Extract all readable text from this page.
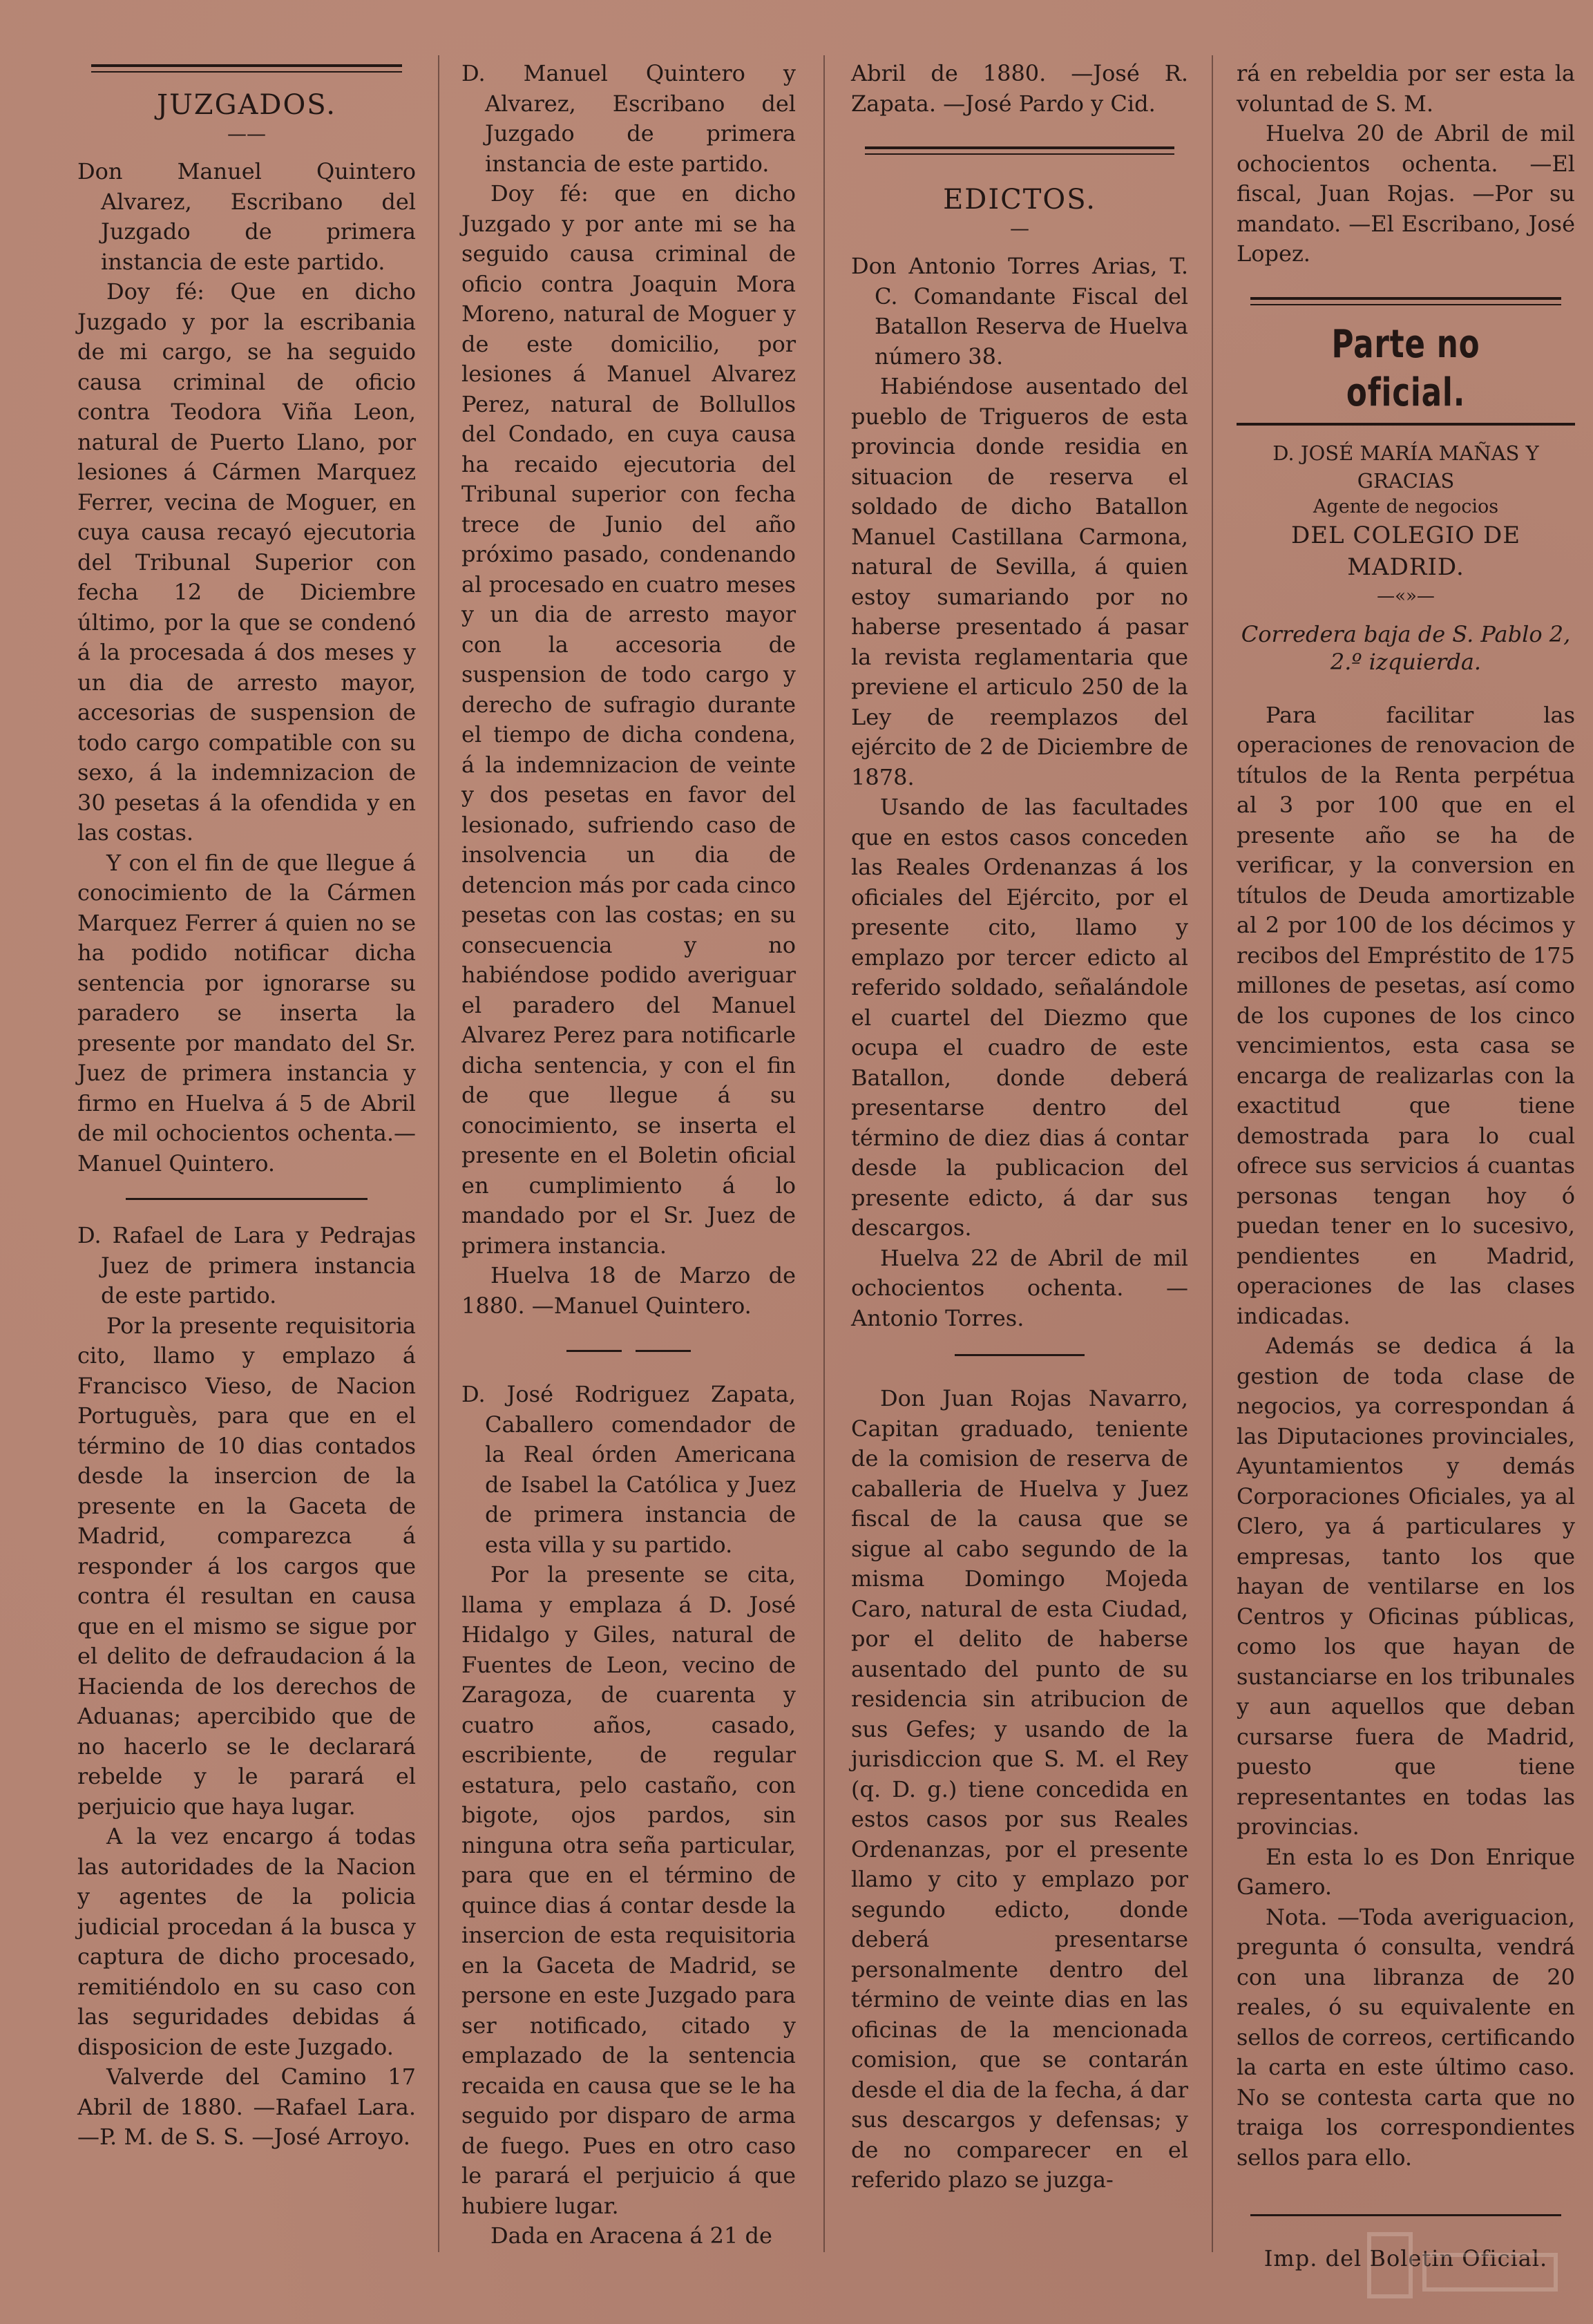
JUZGADOS.
——

Don Manuel Quintero Alvarez, Escribano del Juzgado de primera instancia de este partido.

Doy fé: Que en dicho Juzgado y por la escribania de mi cargo, se ha seguido causa criminal de oficio contra Teodora Viña Leon, natural de Puerto Llano, por lesiones á Cármen Marquez Ferrer, vecina de Moguer, en cuya causa recayó ejecutoria del Tribunal Superior con fecha 12 de Diciembre último, por la que se condenó á la procesada á dos meses y un dia de arresto mayor, accesorias de suspension de todo cargo compatible con su sexo, á la indemnizacion de 30 pesetas á la ofendida y en las costas.

Y con el fin de que llegue á conocimiento de la Cármen Marquez Ferrer á quien no se ha podido notificar dicha sentencia por ignorarse su paradero se inserta la presente por mandato del Sr. Juez de primera instancia y firmo en Huelva á 5 de Abril de mil ochocientos ochenta.—Manuel Quintero.

D. Rafael de Lara y Pedrajas Juez de primera instancia de este partido.

Por la presente requisitoria cito, llamo y emplazo á Francisco Vieso, de Nacion Portuguès, para que en el término de 10 dias contados desde la insercion de la presente en la Gaceta de Madrid, comparezca á responder á los cargos que contra él resultan en causa que en el mismo se sigue por el delito de defraudacion á la Hacienda de los derechos de Aduanas; apercibido que de no hacerlo se le declarará rebelde y le parará el perjuicio que haya lugar.

A la vez encargo á todas las autoridades de la Nacion y agentes de la policia judicial procedan á la busca y captura de dicho procesado, remitiéndolo en su caso con las seguridades debidas á disposicion de este Juzgado.

Valverde del Camino 17 Abril de 1880. —Rafael Lara. —P. M. de S. S. —José Arroyo.

D. Manuel Quintero y Alvarez, Escribano del Juzgado de primera instancia de este partido.

Doy fé: que en dicho Juzgado y por ante mi se ha seguido causa criminal de oficio contra Joaquin Mora Moreno, natural de Moguer y de este domicilio, por lesiones á Manuel Alvarez Perez, natural de Bollullos del Condado, en cuya causa ha recaido ejecutoria del Tribunal superior con fecha trece de Junio del año próximo pasado, condenando al procesado en cuatro meses y un dia de arresto mayor con la accesoria de suspension de todo cargo y derecho de sufragio durante el tiempo de dicha condena, á la indemnizacion de veinte y dos pesetas en favor del lesionado, sufriendo caso de insolvencia un dia de detencion más por cada cinco pesetas con las costas; en su consecuencia y no habiéndose podido averiguar el paradero del Manuel Alvarez Perez para notificarle dicha sentencia, y con el fin de que llegue á su conocimiento, se inserta el presente en el Boletin oficial en cumplimiento á lo mandado por el Sr. Juez de primera instancia.

Huelva 18 de Marzo de 1880. —Manuel Quintero.

D. José Rodriguez Zapata, Caballero comendador de la Real órden Americana de Isabel la Católica y Juez de primera instancia de esta villa y su partido.

Por la presente se cita, llama y emplaza á D. José Hidalgo y Giles, natural de Fuentes de Leon, vecino de Zaragoza, de cuarenta y cuatro años, casado, escribiente, de regular estatura, pelo castaño, con bigote, ojos pardos, sin ninguna otra seña particular, para que en el término de quince dias á contar desde la insercion de esta requisitoria en la Gaceta de Madrid, se persone en este Juzgado para ser notificado, citado y emplazado de la sentencia recaida en causa que se le ha seguido por disparo de arma de fuego. Pues en otro caso le parará el perjuicio á que hubiere lugar.

Dada en Aracena á 21 de

Abril de 1880. —José R. Zapata. —José Pardo y Cid.

EDICTOS.
—

Don Antonio Torres Arias, T. C. Comandante Fiscal del Batallon Reserva de Huelva número 38.

Habiéndose ausentado del pueblo de Trigueros de esta provincia donde residia en situacion de reserva el soldado de dicho Batallon Manuel Castillana Carmona, natural de Sevilla, á quien estoy sumariando por no haberse presentado á pasar la revista reglamentaria que previene el articulo 250 de la Ley de reemplazos del ejército de 2 de Diciembre de 1878.

Usando de las facultades que en estos casos conceden las Reales Ordenanzas á los oficiales del Ejército, por el presente cito, llamo y emplazo por tercer edicto al referido soldado, señalándole el cuartel del Diezmo que ocupa el cuadro de este Batallon, donde deberá presentarse dentro del término de diez dias á contar desde la publicacion del presente edicto, á dar sus descargos.

Huelva 22 de Abril de mil ochocientos ochenta. —Antonio Torres.

Don Juan Rojas Navarro, Capitan graduado, teniente de la comision de reserva de caballeria de Huelva y Juez fiscal de la causa que se sigue al cabo segundo de la misma Domingo Mojeda Caro, natural de esta Ciudad, por el delito de haberse ausentado del punto de su residencia sin atribucion de sus Gefes; y usando de la jurisdiccion que S. M. el Rey (q. D. g.) tiene concedida en estos casos por sus Reales Ordenanzas, por el presente llamo y cito y emplazo por segundo edicto, donde deberá presentarse personalmente dentro del término de veinte dias en las oficinas de la mencionada comision, que se contarán desde el dia de la fecha, á dar sus descargos y defensas; y de no comparecer en el referido plazo se juzga-

rá en rebeldia por ser esta la voluntad de S. M.

Huelva 20 de Abril de mil ochocientos ochenta. —El fiscal, Juan Rojas. —Por su mandato. —El Escribano, José Lopez.

Parte no oficial.
D. JOSÉ MARÍA MAÑAS Y GRACIAS
Agente de negocios
DEL COLEGIO DE MADRID.
—«»—
Corredera baja de S. Pablo 2, 2.º izquierda.

Para facilitar las operaciones de renovacion de títulos de la Renta perpétua al 3 por 100 que en el presente año se ha de verificar, y la conversion en títulos de Deuda amortizable al 2 por 100 de los décimos y recibos del Empréstito de 175 millones de pesetas, así como de los cupones de los cinco vencimientos, esta casa se encarga de realizarlas con la exactitud que tiene demostrada para lo cual ofrece sus servicios á cuantas personas tengan hoy ó puedan tener en lo sucesivo, pendientes en Madrid, operaciones de las clases indicadas.

Además se dedica á la gestion de toda clase de negocios, ya correspondan á las Diputaciones provinciales, Ayuntamientos y demás Corporaciones Oficiales, ya al Clero, ya á particulares y empresas, tanto los que hayan de ventilarse en los Centros y Oficinas públicas, como los que hayan de sustanciarse en los tribunales y aun aquellos que deban cursarse fuera de Madrid, puesto que tiene representantes en todas las provincias.

En esta lo es Don Enrique Gamero.

Nota. —Toda averiguacion, pregunta ó consulta, vendrá con una libranza de 20 reales, ó su equivalente en sellos de correos, certificando la carta en este último caso. No se contesta carta que no traiga los correspondientes sellos para ello.

Imp. del Boletin Oficial.
